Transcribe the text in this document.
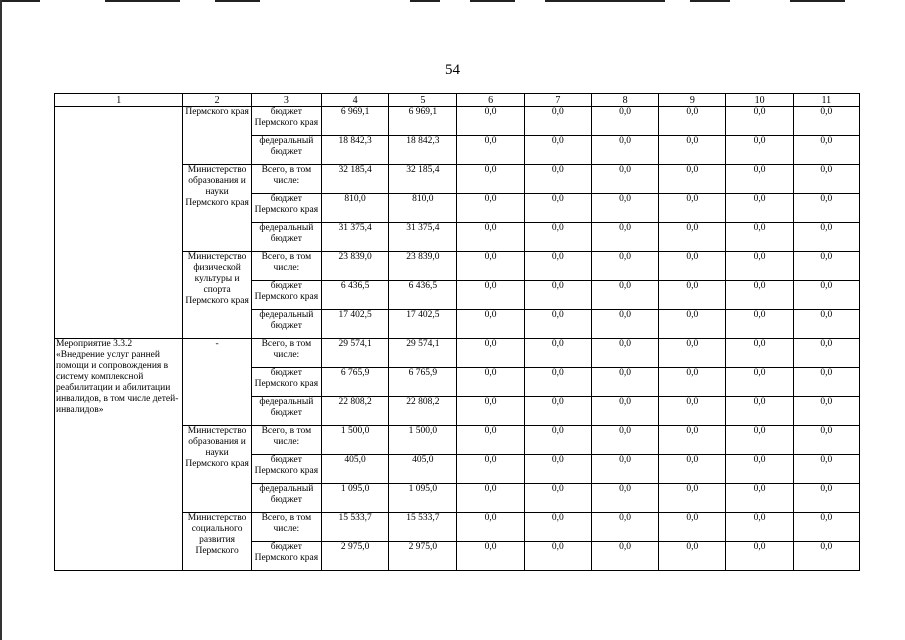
54
1	2	3	4	5	6	7	8	9	10	11
	Пермского края	бюджет Пермского края	6 969,1	6 969,1	0,0	0,0	0,0	0,0	0,0	0,0
		федеральный бюджет	18 842,3	18 842,3	0,0	0,0	0,0	0,0	0,0	0,0
	Министерство образования и науки Пермского края	Всего, в том числе:	32 185,4	32 185,4	0,0	0,0	0,0	0,0	0,0	0,0
		бюджет Пермского края	810,0	810,0	0,0	0,0	0,0	0,0	0,0	0,0
		федеральный бюджет	31 375,4	31 375,4	0,0	0,0	0,0	0,0	0,0	0,0
	Министерство физической культуры и спорта Пермского края	Всего, в том числе:	23 839,0	23 839,0	0,0	0,0	0,0	0,0	0,0	0,0
		бюджет Пермского края	6 436,5	6 436,5	0,0	0,0	0,0	0,0	0,0	0,0
		федеральный бюджет	17 402,5	17 402,5	0,0	0,0	0,0	0,0	0,0	0,0
Мероприятие 3.3.2 «Внедрение услуг ранней помощи и сопровождения в систему комплексной реабилитации и абилитации инвалидов, в том числе детей-инвалидов»	-	Всего, в том числе:	29 574,1	29 574,1	0,0	0,0	0,0	0,0	0,0	0,0
		бюджет Пермского края	6 765,9	6 765,9	0,0	0,0	0,0	0,0	0,0	0,0
		федеральный бюджет	22 808,2	22 808,2	0,0	0,0	0,0	0,0	0,0	0,0
	Министерство образования и науки Пермского края	Всего, в том числе:	1 500,0	1 500,0	0,0	0,0	0,0	0,0	0,0	0,0
		бюджет Пермского края	405,0	405,0	0,0	0,0	0,0	0,0	0,0	0,0
		федеральный бюджет	1 095,0	1 095,0	0,0	0,0	0,0	0,0	0,0	0,0
	Министерство социального развития Пермского	Всего, в том числе:	15 533,7	15 533,7	0,0	0,0	0,0	0,0	0,0	0,0
		бюджет Пермского края	2 975,0	2 975,0	0,0	0,0	0,0	0,0	0,0	0,0
